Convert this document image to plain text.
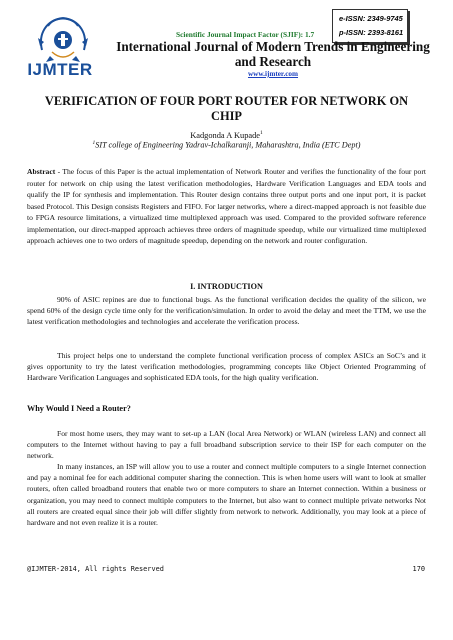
IJMTER
Scientific Journal Impact Factor (SJIF): 1.7
e-ISSN: 2349-9745
p-ISSN: 2393-8161
International Journal of Modern Trends in Engineering and Research
www.ijmter.com
VERIFICATION OF FOUR PORT ROUTER FOR NETWORK ON CHIP
Kadgonda A Kupade$^1$
$^1$SIT college of Engineering Yadrav-Ichalkaranji, Maharashtra, India (ETC Dept)
Abstract - The focus of this Paper is the actual implementation of Network Router and verifies the functionality of the four port router for network on chip using the latest verification methodologies, Hardware Verification Languages and EDA tools and qualify the IP for synthesis and implementation. This Router design contains three output ports and one input port, it is packet based Protocol. This Design consists Registers and FIFO. For larger networks, where a direct-mapped approach is not feasible due to FPGA resource limitations, a virtualized time multiplexed approach was used. Compared to the provided software reference implementation, our direct-mapped approach achieves three orders of magnitude speedup, while our virtualized time multiplexed approach achieves one to two orders of magnitude speedup, depending on the network and router configuration.
I. INTRODUCTION

90% of ASIC repines are due to functional bugs. As the functional verification decides the quality of the silicon, we spend 60% of the design cycle time only for the verification/simulation. In order to avoid the delay and meet the TTM, we use the latest verification methodologies and technologies and accelerate the verification process.

This project helps one to understand the complete functional verification process of complex ASICs an SoC’s and it gives opportunity to try the latest verification methodologies, programming concepts like Object Oriented Programming of Hardware Verification Languages and sophisticated EDA tools, for the high quality verification.

Why Would I Need a Router?

For most home users, they may want to set-up a LAN (local Area Network) or WLAN (wireless LAN) and connect all computers to the Internet without having to pay a full broadband subscription service to their ISP for each computer on the network.

In many instances, an ISP will allow you to use a router and connect multiple computers to a single Internet connection and pay a nominal fee for each additional computer sharing the connection. This is when home users will want to look at smaller routers, often called broadband routers that enable two or more computers to share an Internet connection. Within a business or organization, you may need to connect multiple computers to the Internet, but also want to connect multiple private networks Not all routers are created equal since their job will differ slightly from network to network. Additionally, you may look at a piece of hardware and not even realize it is a router.

@IJMTER-2014, All rights Reserved	170
